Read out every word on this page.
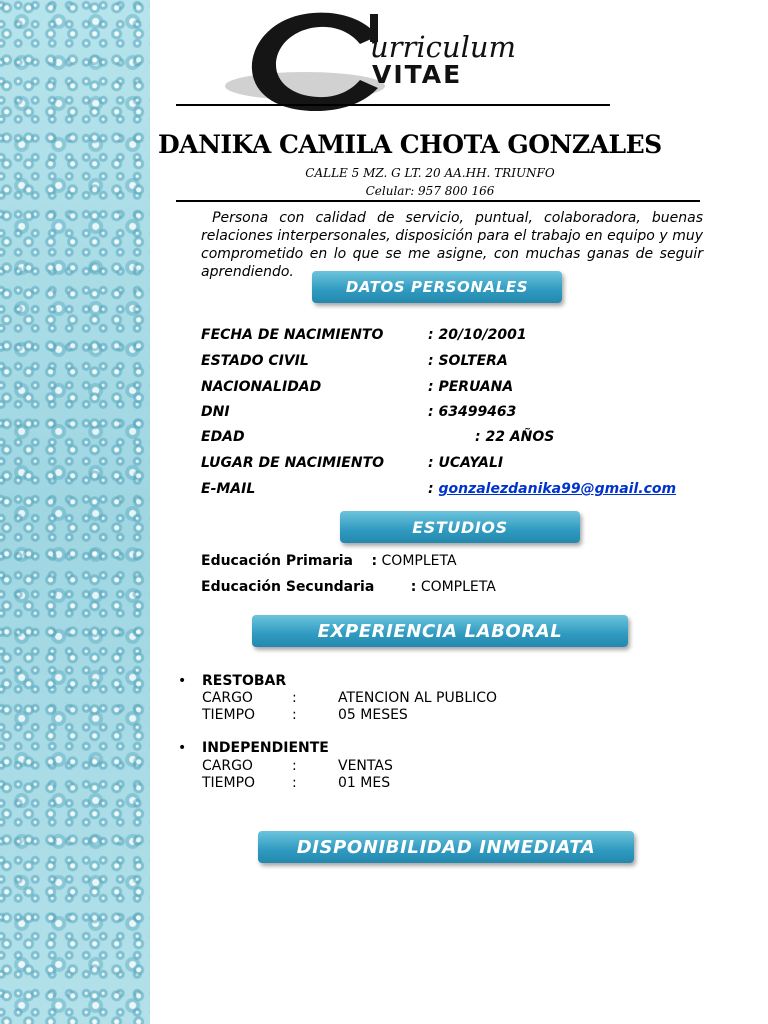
urriculum
VITAE
DANIKA CAMILA CHOTA GONZALES
CALLE 5 MZ. G LT. 20 AA.HH. TRIUNFO
Celular: 957 800 166
Persona con calidad de servicio, puntual, colaboradora, buenas relaciones interpersonales, disposición para el trabajo en equipo y muy comprometido en lo que se me asigne, con muchas ganas de seguir aprendiendo.
DATOS PERSONALES
FECHA DE NACIMIENTO	: 20/10/2001
ESTADO CIVIL	: SOLTERA
NACIONALIDAD	: PERUANA
DNI	: 63499463
EDAD	: 22 AÑOS
LUGAR DE NACIMIENTO	: UCAYALI
E-MAIL	: gonzalezdanika99@gmail.com
ESTUDIOS
Educación Primaria : COMPLETA
Educación Secundaria	: COMPLETA
EXPERIENCIA LABORAL
• RESTOBAR
CARGO	:	ATENCION AL PUBLICO
TIEMPO	:	05 MESES
• INDEPENDIENTE
CARGO	:	VENTAS
TIEMPO	:	01 MES
DISPONIBILIDAD INMEDIATA
